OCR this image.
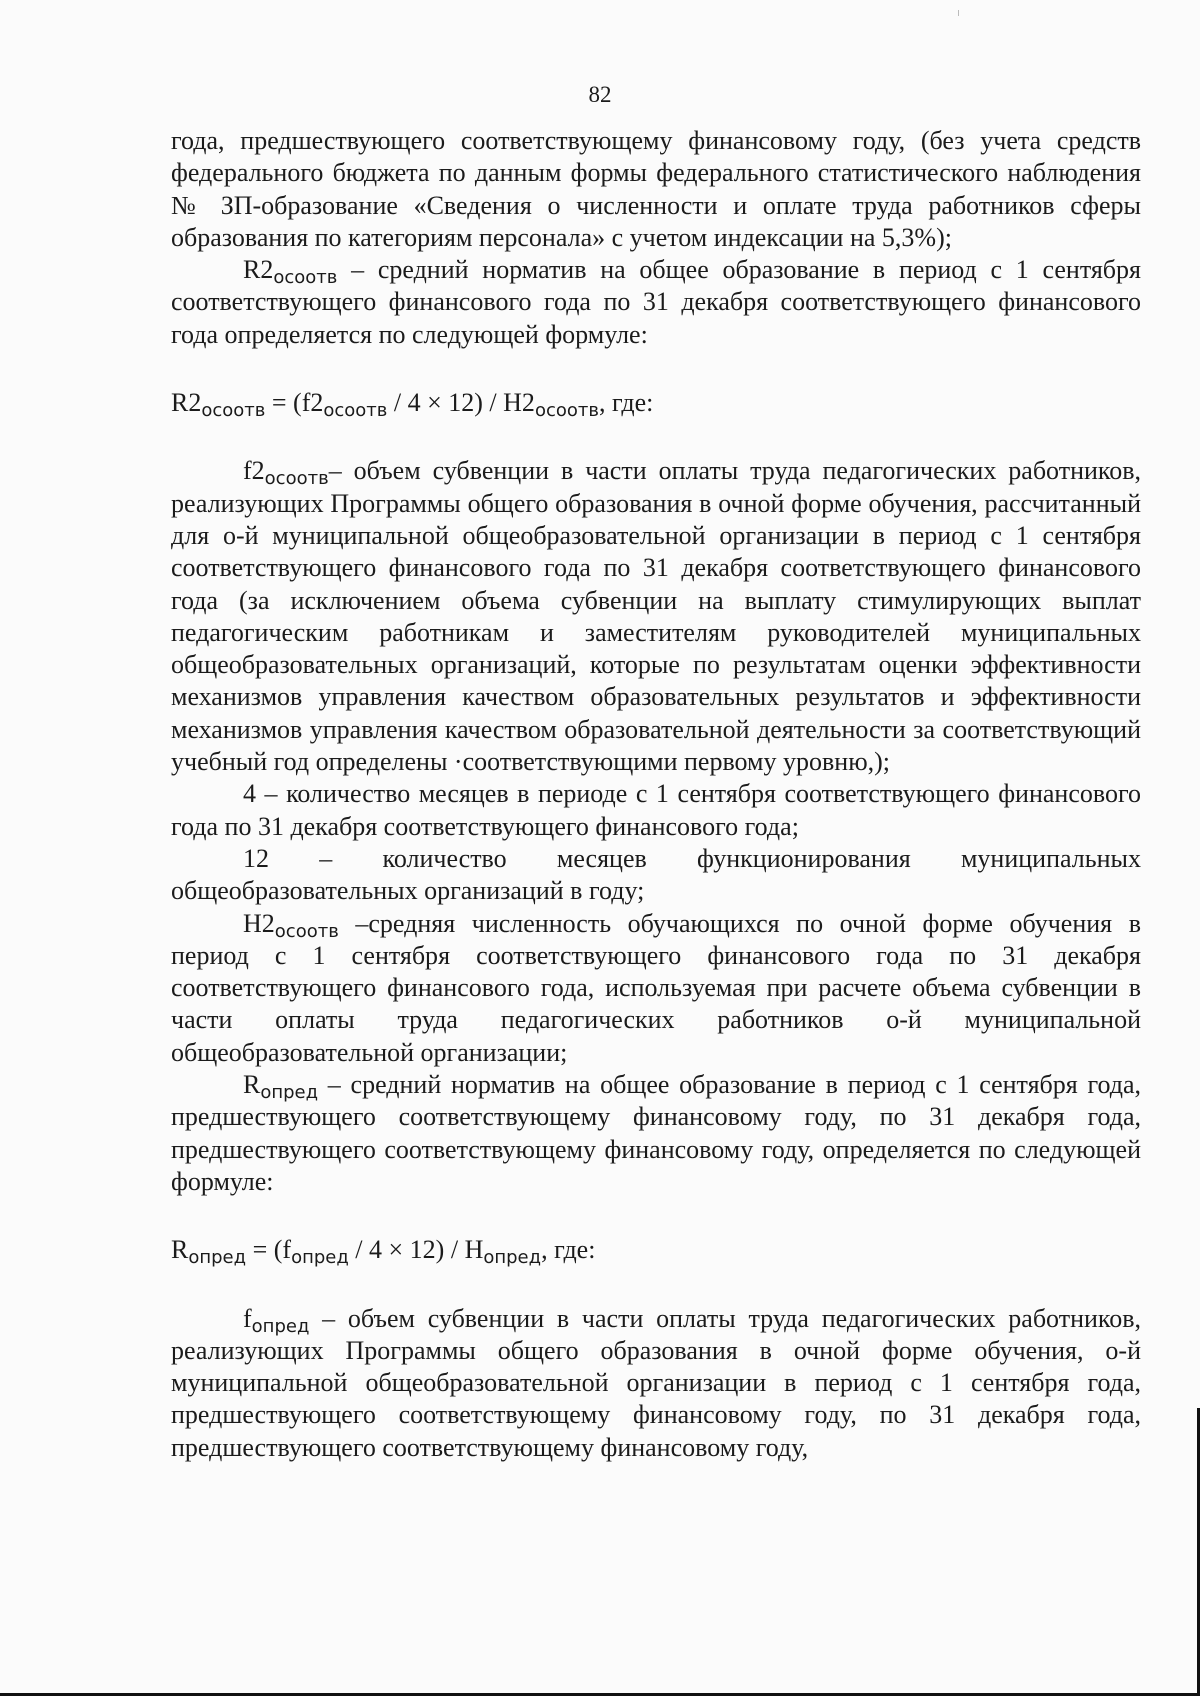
82

года, предшествующего соответствующему финансовому году, (без учета средств федерального бюджета по данным формы федерального статистического наблюдения № ЗП-образование «Сведения о численности и оплате труда работников сферы образования по категориям персонала» с учетом индексации на 5,3%);

$R2_{осоотв}$ – средний норматив на общее образование в период с 1 сентября соответствующего финансового года по 31 декабря соответствующего финансового года определяется по следующей формуле:

$R2_{осоотв} = (f2_{осоотв} / 4 \times 12) / Н2_{осоотв}$, где:

$f2_{осоотв}-$ объем субвенции в части оплаты труда педагогических работников, реализующих Программы общего образования в очной форме обучения, рассчитанный для о-й муниципальной общеобразовательной организации в период с 1 сентября соответствующего финансового года по 31 декабря соответствующего финансового года (за исключением объема субвенции на выплату стимулирующих выплат педагогическим работникам и заместителям руководителей муниципальных общеобразовательных организаций, которые по результатам оценки эффективности механизмов управления качеством образовательных результатов и эффективности механизмов управления качеством образовательной деятельности за соответствующий учебный год определены ·соответствующими первому уровню,);

4 – количество месяцев в периоде с 1 сентября соответствующего финансового года по 31 декабря соответствующего финансового года;

12 – количество месяцев функционирования муниципальных общеобразовательных организаций в году;

$Н2_{осоотв}$ –средняя численность обучающихся по очной форме обучения в период с 1 сентября соответствующего финансового года по 31 декабря соответствующего финансового года, используемая при расчете объема субвенции в части оплаты труда педагогических работников о-й муниципальной общеобразовательной организации;

$R_{опред}$ – средний норматив на общее образование в период с 1 сентября года, предшествующего соответствующему финансовому году, по 31 декабря года, предшествующего соответствующему финансовому году, определяется по следующей формуле:

$R_{опред} = (f_{опред} / 4 \times 12) / Н_{опред}$, где:

$f_{опред}$ – объем субвенции в части оплаты труда педагогических работников, реализующих Программы общего образования в очной форме обучения, о-й муниципальной общеобразовательной организации в период с 1 сентября года, предшествующего соответствующему финансовому году, по 31 декабря года, предшествующего соответствующему финансовому году,
